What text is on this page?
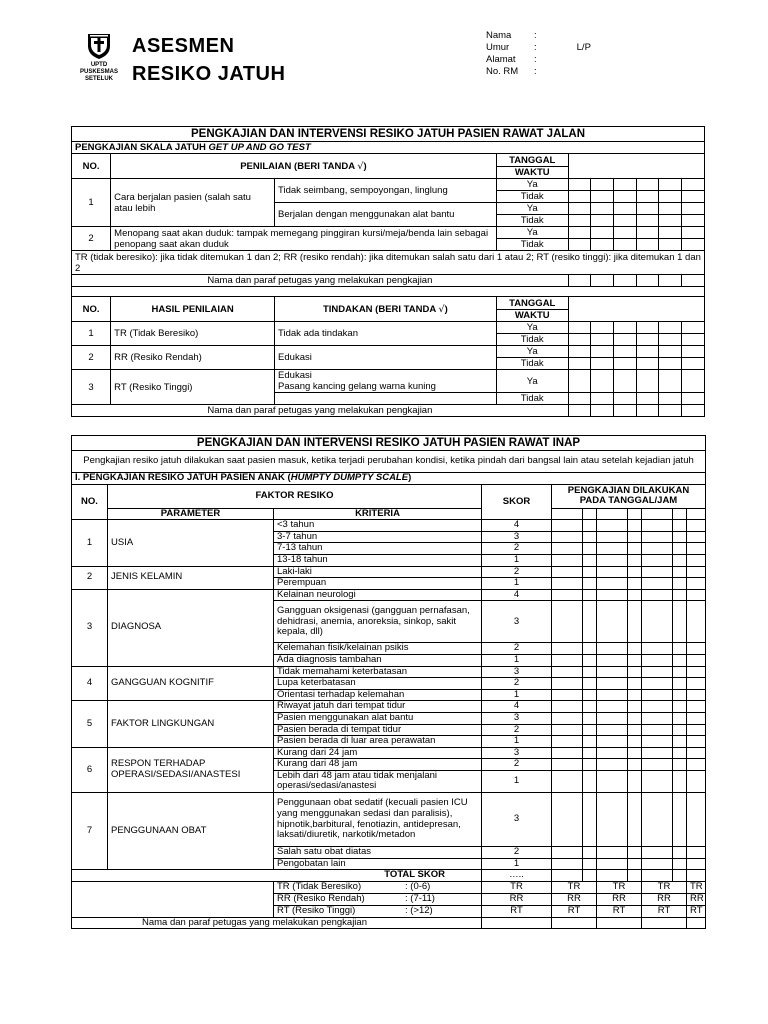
UPTD
PUSKESMAS
SETELUK
ASESMEN
RESIKO JATUH
Nama :
Umur	:	L/P
Alamat :
No. RM :
PENGKAJIAN DAN INTERVENSI RESIKO JATUH PASIEN RAWAT JALAN									
PENGKAJIAN SKALA JATUH GET UP AND GO TEST									
NO.	PENILAIAN (BERI TANDA √)		TANGGAL						
			WAKTU						
1	Cara berjalan pasien (salah satu atau lebih	Tidak seimbang, sempoyongan, linglung	Ya						
			Tidak						
		Berjalan dengan menggunakan alat bantu	Ya						
			Tidak						
2	Menopang saat akan duduk: tampak memegang pinggiran kursi/meja/benda lain sebagai penopang saat akan duduk		Ya						
			Tidak						
TR (tidak beresiko): jika tidak ditemukan 1 dan 2; RR (resiko rendah): jika ditemukan salah satu dari 1 atau 2; RT (resiko tinggi): jika ditemukan 1 dan 2									
Nama dan paraf petugas yang melakukan pengkajian									

NO.	HASIL PENILAIAN	TINDAKAN (BERI TANDA √)	TANGGAL						
			WAKTU						
1	TR (Tidak Beresiko)	Tidak ada tindakan	Ya						
			Tidak						
2	RR (Resiko Rendah)	Edukasi	Ya						
			Tidak						
3	RT (Resiko Tinggi)	Edukasi
Pasang kancing gelang warna kuning	Ya						
			Tidak						
Nama dan paraf petugas yang melakukan pengkajian									
PENGKAJIAN DAN INTERVENSI RESIKO JATUH PASIEN RAWAT INAP										
Pengkajian resiko jatuh dilakukan saat pasien masuk, ketika terjadi perubahan kondisi, ketika pindah dari bangsal lain atau setelah kejadian jatuh										
I. PENGKAJIAN RESIKO JATUH PASIEN ANAK (HUMPTY DUMPTY SCALE)										
NO.	FAKTOR RESIKO		SKOR	PENGKAJIAN DILAKUKAN PADA TANGGAL/JAM						
	PARAMETER	KRITERIA								
1	USIA	<3 tahun	4							
		3-7 tahun	3							
		7-13 tahun	2							
		13-18 tahun	1							
2	JENIS KELAMIN	Laki-laki	2							
		Perempuan	1							
3	DIAGNOSA	Kelainan neurologi	4							
		Gangguan oksigenasi (gangguan pernafasan, dehidrasi, anemia, anoreksia, sinkop, sakit kepala, dll)	3							
		Kelemahan fisik/kelainan psikis	2							
		Ada diagnosis tambahan	1							
4	GANGGUAN KOGNITIF	Tidak memahami keterbatasan	3							
		Lupa keterbatasan	2							
		Orientasi terhadap kelemahan	1							
5	FAKTOR LINGKUNGAN	Riwayat jatuh dari tempat tidur	4							
		Pasien menggunakan alat bantu	3							
		Pasien berada di tempat tidur	2							
		Pasien berada di luar area perawatan	1							
6	RESPON TERHADAP OPERASI/SEDASI/ANASTESI	Kurang dari 24 jam	3							
		Kurang dari 48 jam	2							
		Lebih dari 48 jam atau tidak menjalani operasi/sedasi/anastesi	1							
7	PENGGUNAAN OBAT	Penggunaan obat sedatif (kecuali pasien ICU yang menggunakan sedasi dan paralisis), hipnotik,barbitural, fenotiazin, antidepresan, laksati/diuretik, narkotik/metadon	3							
		Salah satu obat diatas	2							
		Pengobatan lain	1							
TOTAL SKOR			…..							
		TR (Tidak Beresiko) : (0-6)	TR	TR		TR		TR		TR
		RR (Resiko Rendah) : (7-11)	RR	RR		RR		RR		RR
		RT (Resiko Tinggi) : (>12)	RT	RT		RT		RT		RT
Nama dan paraf petugas yang melakukan pengkajian										
